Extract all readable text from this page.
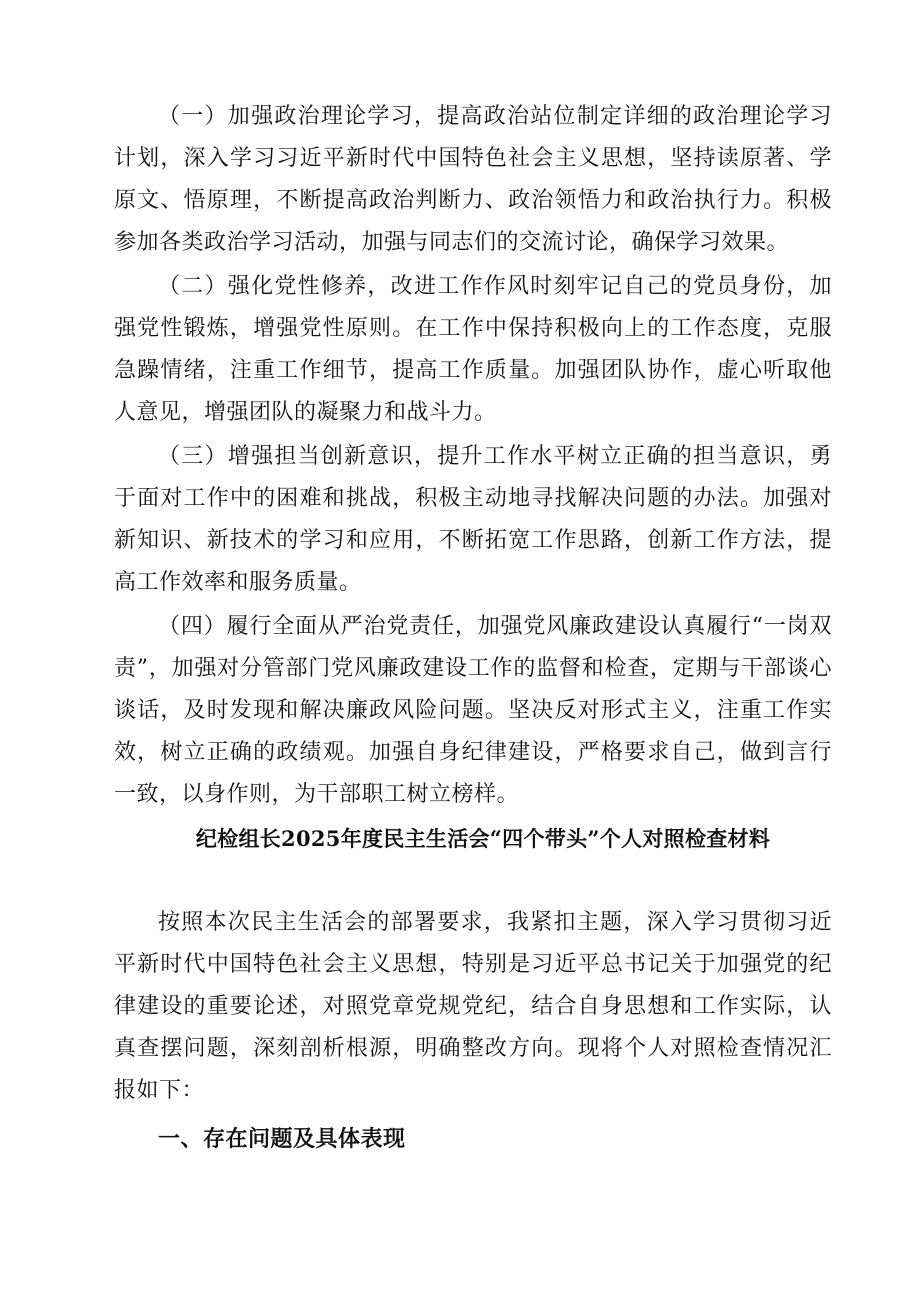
（一）加强政治理论学习，提高政治站位制定详细的政治理论学习计划，深入学习习近平新时代中国特色社会主义思想，坚持读原著、学原文、悟原理，不断提高政治判断力、政治领悟力和政治执行力。积极参加各类政治学习活动，加强与同志们的交流讨论，确保学习效果。

（二）强化党性修养，改进工作作风时刻牢记自己的党员身份，加强党性锻炼，增强党性原则。在工作中保持积极向上的工作态度，克服急躁情绪，注重工作细节，提高工作质量。加强团队协作，虚心听取他人意见，增强团队的凝聚力和战斗力。

（三）增强担当创新意识，提升工作水平树立正确的担当意识，勇于面对工作中的困难和挑战，积极主动地寻找解决问题的办法。加强对新知识、新技术的学习和应用，不断拓宽工作思路，创新工作方法，提高工作效率和服务质量。

（四）履行全面从严治党责任，加强党风廉政建设认真履行“一岗双责”，加强对分管部门党风廉政建设工作的监督和检查，定期与干部谈心谈话，及时发现和解决廉政风险问题。坚决反对形式主义，注重工作实效，树立正确的政绩观。加强自身纪律建设，严格要求自己，做到言行一致，以身作则，为干部职工树立榜样。

纪检组长2025年度民主生活会“四个带头”个人对照检查材料

按照本次民主生活会的部署要求，我紧扣主题，深入学习贯彻习近平新时代中国特色社会主义思想，特别是习近平总书记关于加强党的纪律建设的重要论述，对照党章党规党纪，结合自身思想和工作实际，认真查摆问题，深刻剖析根源，明确整改方向。现将个人对照检查情况汇报如下：

一、存在问题及具体表现
